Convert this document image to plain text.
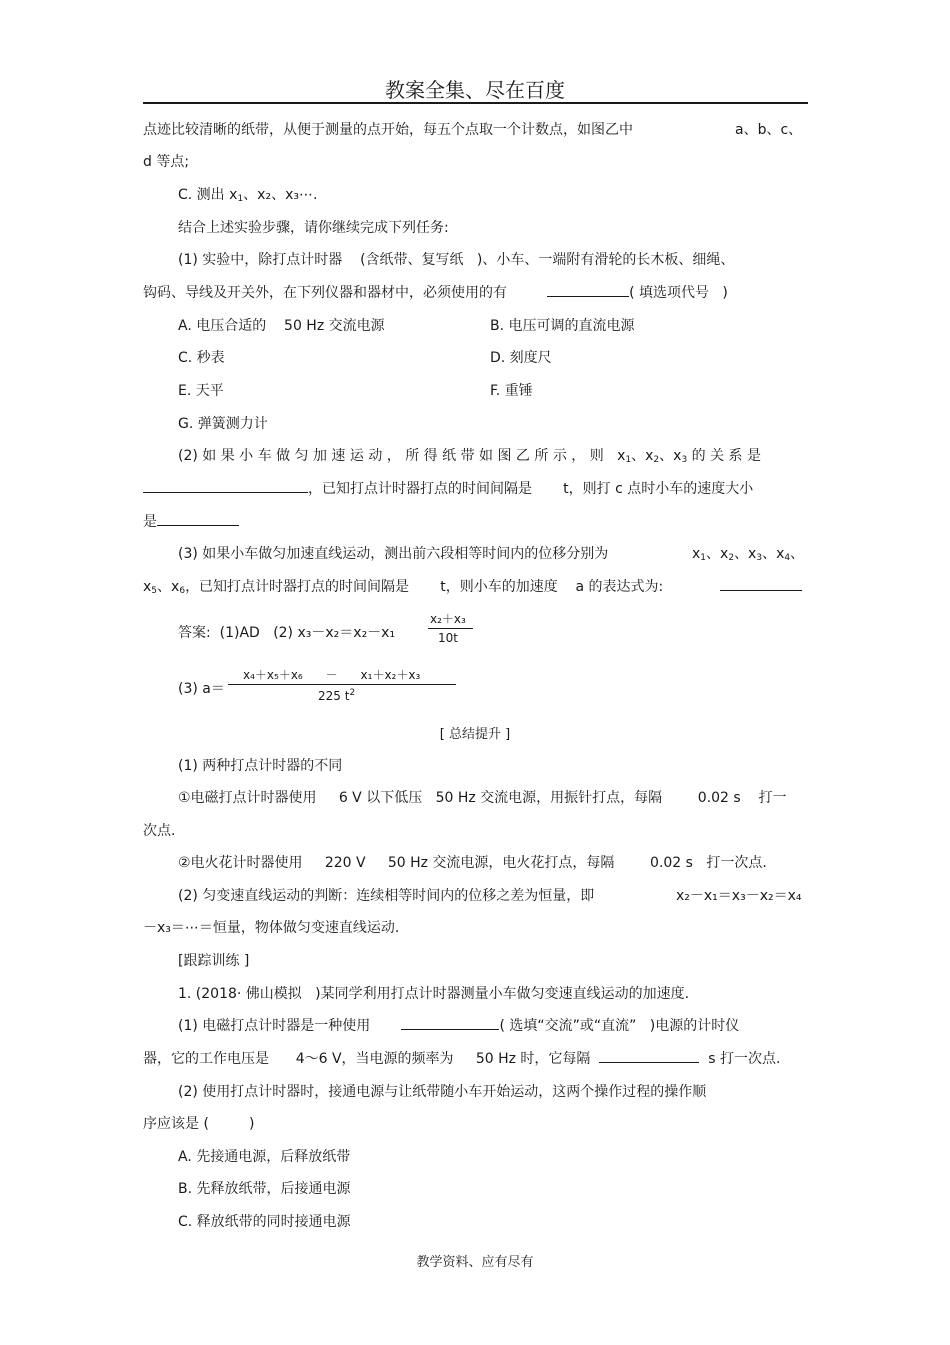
教案全集、尽在百度
点迹比较清晰的纸带，从便于测量的点开始，每五个点取一个计数点，如图乙中	a、b、c、
d 等点;
C. 测出 $x_1$、x₂、x₃⋯.
结合上述实验步骤，请你继续完成下列任务:
(1) 实验中，除打点计时器 (含纸带、复写纸 )、小车、一端附有滑轮的长木板、细绳、
钩码、导线及开关外，在下列仪器和器材中，必须使用的有	( 填选项代号 )
A. 电压合适的 50 Hz 交流电源	B. 电压可调的直流电源
C. 秒表	D. 刻度尺
E. 天平	F. 重锤
G. 弹簧测力计
(2) 如 果 小 车 做 匀 加 速 运 动 ， 所 得 纸 带 如 图 乙 所 示 ， 则   $x_1$、$x_2$、$x_3$ 的 关 系 是
，已知打点计时器打点的时间间隔是 t，则打 c 点时小车的速度大小
是
(3) 如果小车做匀加速直线运动，测出前六段相等时间内的位移分别为	$x_1$、$x_2$、$x_3$、$x_4$、
$x_5$、$x_6$，已知打点计时器打点的时间间隔是 t，则小车的加速度 a 的表达式为:
答案: (1)AD (2) x₃－x₂＝x₂－x₁
x₂＋x₃
10t
(3) a＝
x₄＋x₅＋x₆ － x₁＋x₂＋x₃
225 $t^2$
[ 总结提升 ]
(1) 两种打点计时器的不同
①电磁打点计时器使用 6 V 以下低压 50 Hz 交流电源，用振针打点，每隔	0.02 s 打一
次点.
②电火花计时器使用 220 V 50 Hz 交流电源，电火花打点，每隔	0.02 s 打一次点.
(2) 匀变速直线运动的判断：连续相等时间内的位移之差为恒量，即	x₂－x₁＝x₃－x₂＝x₄
－x₃＝⋯＝恒量，物体做匀变速直线运动.
[跟踪训练 ]
1. (2018· 佛山模拟 )某同学利用打点计时器测量小车做匀变速直线运动的加速度.
(1) 电磁打点计时器是一种使用	( 选填“交流”或“直流” )电源的计时仪
器，它的工作电压是 4～6 V，当电源的频率为 50 Hz 时，它每隔	s 打一次点.
(2) 使用打点计时器时，接通电源与让纸带随小车开始运动，这两个操作过程的操作顺
序应该是 (	)
A. 先接通电源，后释放纸带
B. 先释放纸带，后接通电源
C. 释放纸带的同时接通电源
教学资料、应有尽有
